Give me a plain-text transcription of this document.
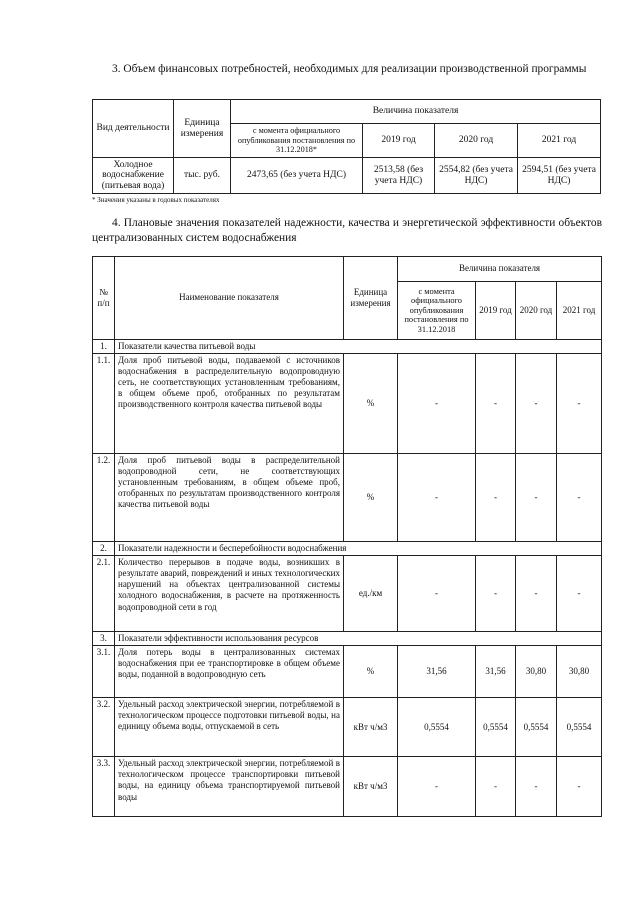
3. Объем финансовых потребностей, необходимых для реализации производственной программы
Вид деятельности	Единица измерения	Величина показателя			
		с момента официального опубликования постановления по 31.12.2018*	2019 год	2020 год	2021 год
Холодное водоснабжение (питьевая вода)	тыс. руб.	2473,65 (без учета НДС)	2513,58 (без учета НДС)	2554,82 (без учета НДС)	2594,51 (без учета НДС)
* Значения указаны в годовых показателях
4. Плановые значения показателей надежности, качества и энергетической эффективности объектов централизованных систем водоснабжения
№ п/п	Наименование показателя	Единица измерения	Величина показателя			
			с момента официального опубликования постановления по 31.12.2018	2019 год	2020 год	2021 год
1.	Показатели качества питьевой воды					
1.1.	Доля проб питьевой воды, подаваемой с источников водоснабжения в распределительную водопроводную сеть, не соответствующих установленным требованиям, в общем объеме проб, отобранных по результатам производственного контроля качества питьевой воды	%	-	-	-	-
1.2.	Доля проб питьевой воды в распределительной водопроводной сети, не соответствующих установленным требованиям, в общем объеме проб, отобранных по результатам производственного контроля качества питьевой воды	%	-	-	-	-
2.	Показатели надежности и бесперебойности водоснабжения					
2.1.	Количество перерывов в подаче воды, возникших в результате аварий, повреждений и иных технологических нарушений на объектах централизованной системы холодного водоснабжения, в расчете на протяженность водопроводной сети в год	ед./км	-	-	-	-
3.	Показатели эффективности использования ресурсов					
3.1.	Доля потерь воды в централизованных системах водоснабжения при ее транспортировке в общем объеме воды, поданной в водопроводную сеть	%	31,56	31,56	30,80	30,80
3.2.	Удельный расход электрической энергии, потребляемой в технологическом процессе подготовки питьевой воды, на единицу объема воды, отпускаемой в сеть	кВт ч/м3	0,5554	0,5554	0,5554	0,5554
3.3.	Удельный расход электрической энергии, потребляемой в технологическом процессе транспортировки питьевой воды, на единицу объема транспортируемой питьевой воды	кВт ч/м3	-	-	-	-
